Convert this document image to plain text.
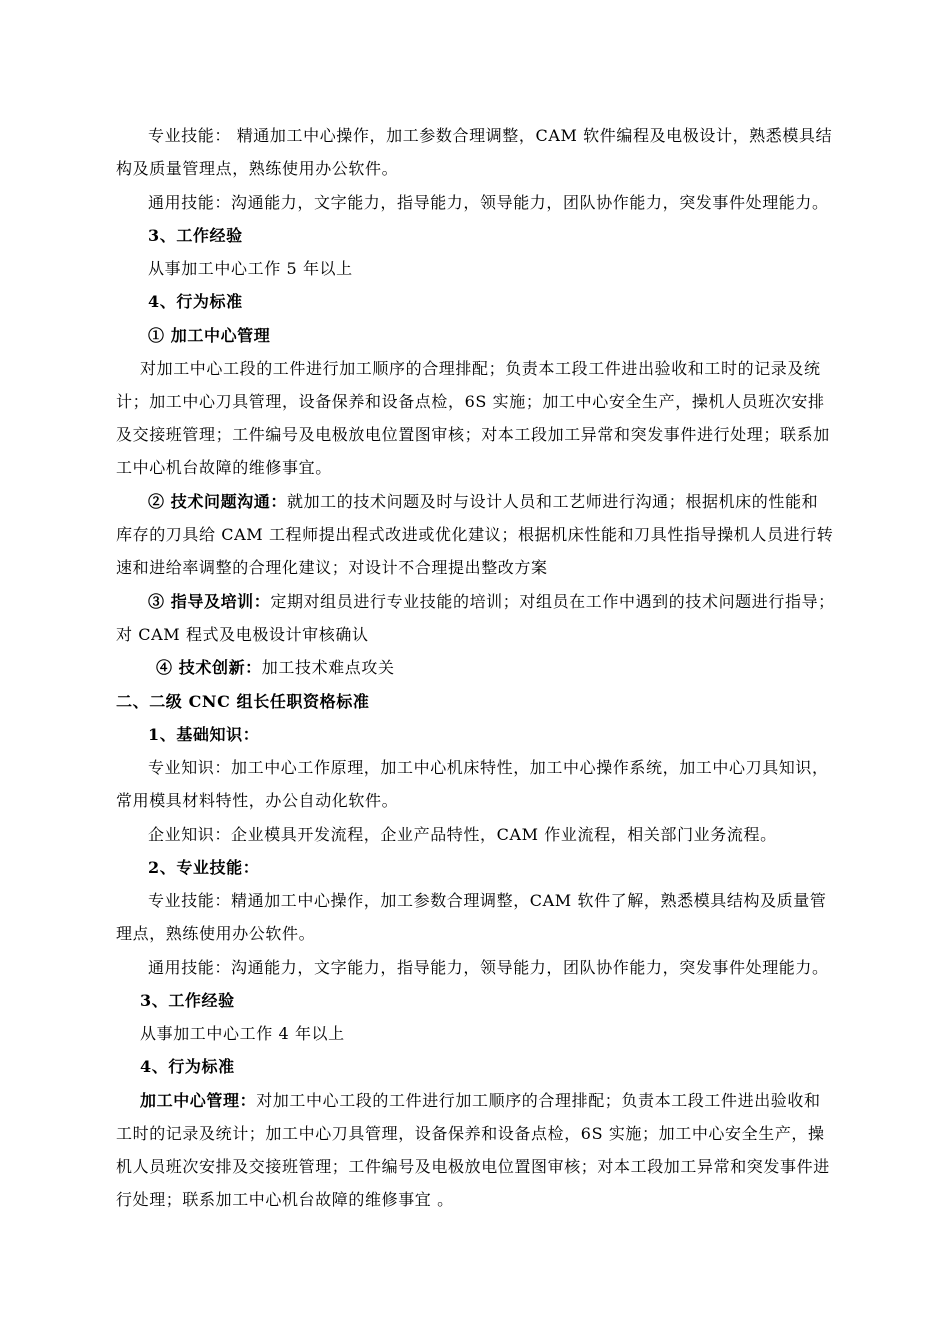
专业技能： 精通加工中心操作，加工参数合理调整，CAM 软件编程及电极设计，熟悉模具结
构及质量管理点，熟练使用办公软件。
通用技能：沟通能力，文字能力，指导能力，领导能力，团队协作能力，突发事件处理能力。
3、工作经验
从事加工中心工作 5 年以上
4、行为标准
① 加工中心管理
对加工中心工段的工件进行加工顺序的合理排配；负责本工段工件进出验收和工时的记录及统
计；加工中心刀具管理，设备保养和设备点检，6S 实施；加工中心安全生产，操机人员班次安排
及交接班管理；工件编号及电极放电位置图审核；对本工段加工异常和突发事件进行处理；联系加
工中心机台故障的维修事宜。
② 技术问题沟通：就加工的技术问题及时与设计人员和工艺师进行沟通；根据机床的性能和
库存的刀具给 CAM 工程师提出程式改进或优化建议；根据机床性能和刀具性指导操机人员进行转
速和进给率调整的合理化建议；对设计不合理提出整改方案
③ 指导及培训：定期对组员进行专业技能的培训；对组员在工作中遇到的技术问题进行指导；
对 CAM 程式及电极设计审核确认
④ 技术创新：加工技术难点攻关
二、二级 CNC 组长任职资格标准
1、基础知识：
专业知识：加工中心工作原理，加工中心机床特性，加工中心操作系统，加工中心刀具知识，
常用模具材料特性，办公自动化软件。
企业知识：企业模具开发流程，企业产品特性，CAM 作业流程，相关部门业务流程。
2、专业技能：
专业技能：精通加工中心操作，加工参数合理调整，CAM 软件了解，熟悉模具结构及质量管
理点，熟练使用办公软件。
通用技能：沟通能力，文字能力，指导能力，领导能力，团队协作能力，突发事件处理能力。
3、工作经验
从事加工中心工作 4 年以上
4、行为标准
加工中心管理：对加工中心工段的工件进行加工顺序的合理排配；负责本工段工件进出验收和
工时的记录及统计；加工中心刀具管理，设备保养和设备点检，6S 实施；加工中心安全生产，操
机人员班次安排及交接班管理；工件编号及电极放电位置图审核；对本工段加工异常和突发事件进
行处理；联系加工中心机台故障的维修事宜 。
